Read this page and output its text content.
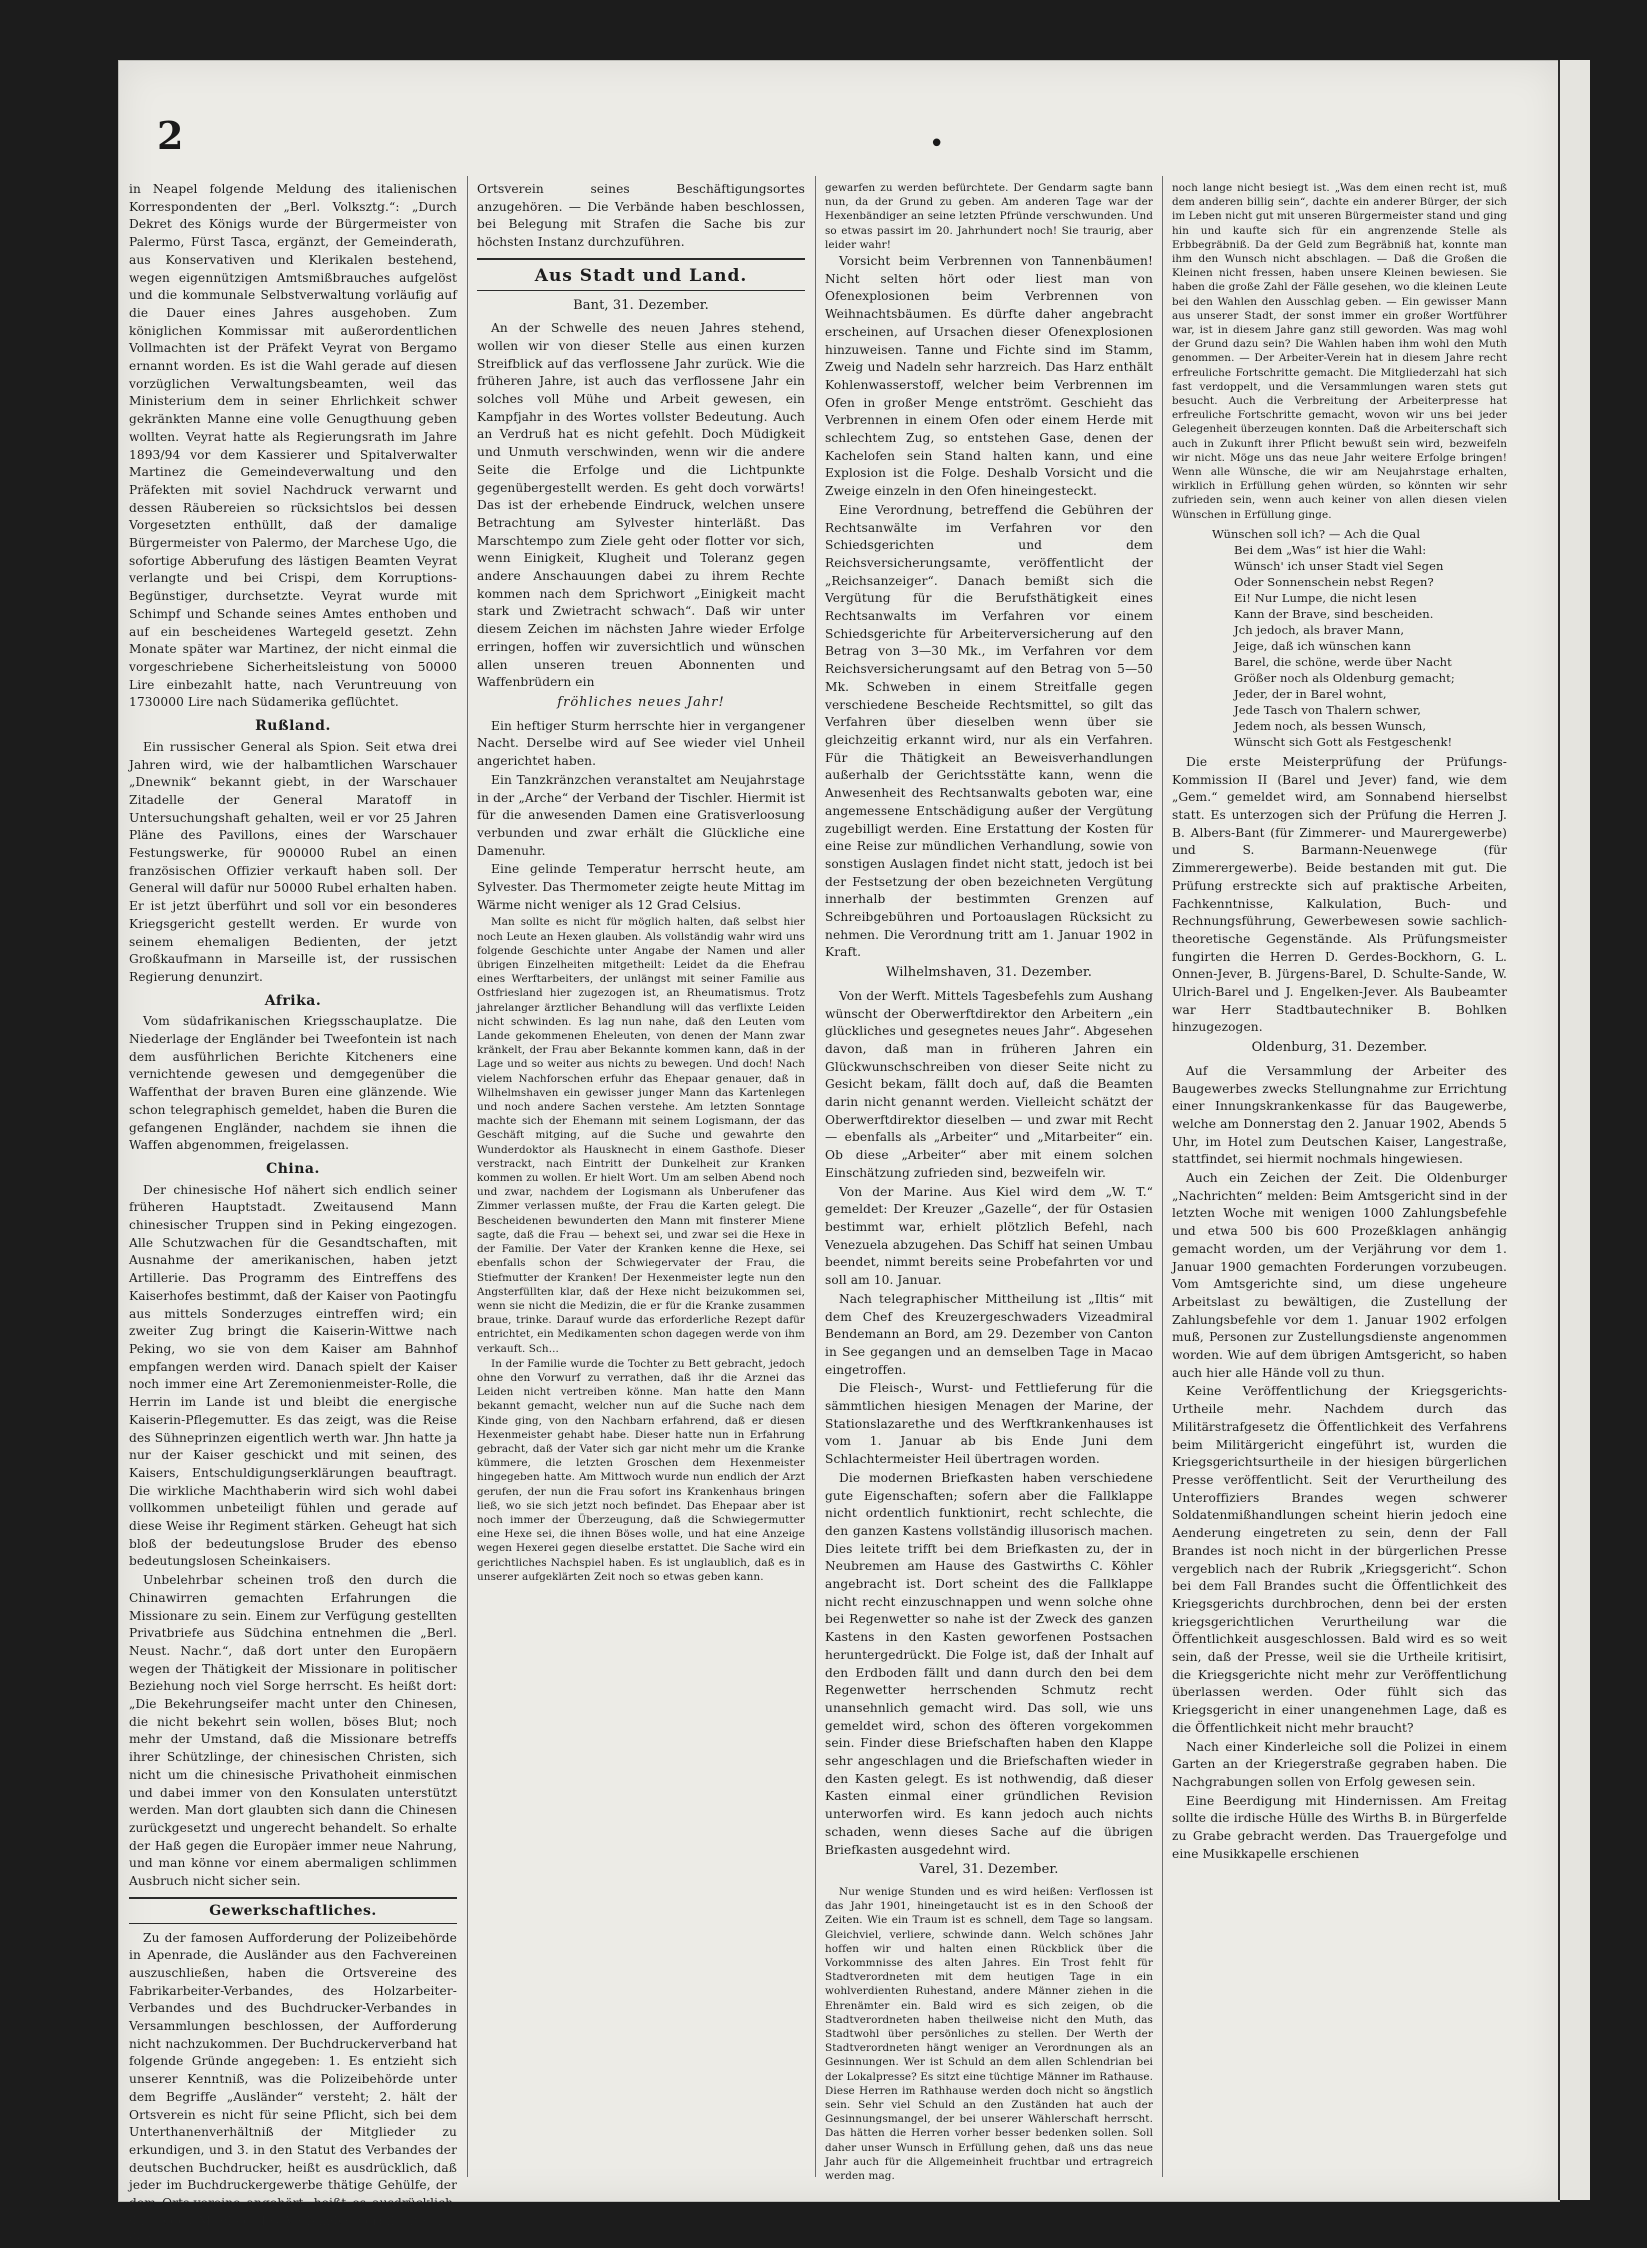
2	•

in Neapel folgende Meldung des italienischen Korrespondenten der „Berl. Volksztg.“: „Durch Dekret des Königs wurde der Bürgermeister von Palermo, Fürst Tasca, ergänzt, der Gemeinderath, aus Konservativen und Klerikalen bestehend, wegen eigennützigen Amtsmißbrauches aufgelöst und die kommunale Selbstverwaltung vorläufig auf die Dauer eines Jahres ausgehoben. Zum königlichen Kommissar mit außerordentlichen Vollmachten ist der Präfekt Veyrat von Bergamo ernannt worden. Es ist die Wahl gerade auf diesen vorzüglichen Verwaltungsbeamten, weil das Ministerium dem in seiner Ehrlichkeit schwer gekränkten Manne eine volle Genugthuung geben wollten. Veyrat hatte als Regierungsrath im Jahre 1893/94 vor dem Kassierer und Spitalverwalter Martinez die Gemeindeverwaltung und den Präfekten mit soviel Nachdruck verwarnt und dessen Räubereien so rücksichtslos bei dessen Vorgesetzten enthüllt, daß der damalige Bürgermeister von Palermo, der Marchese Ugo, die sofortige Abberufung des lästigen Beamten Veyrat verlangte und bei Crispi, dem Korruptions-Begünstiger, durchsetzte. Veyrat wurde mit Schimpf und Schande seines Amtes enthoben und auf ein bescheidenes Wartegeld gesetzt. Zehn Monate später war Martinez, der nicht einmal die vorgeschriebene Sicherheitsleistung von 50000 Lire einbezahlt hatte, nach Veruntreuung von 1730000 Lire nach Südamerika geflüchtet.

Rußland.

Ein russischer General als Spion. Seit etwa drei Jahren wird, wie der halbamtlichen Warschauer „Dnewnik“ bekannt giebt, in der Warschauer Zitadelle der General Maratoff in Untersuchungshaft gehalten, weil er vor 25 Jahren Pläne des Pavillons, eines der Warschauer Festungswerke, für 900000 Rubel an einen französischen Offizier verkauft haben soll. Der General will dafür nur 50000 Rubel erhalten haben. Er ist jetzt überführt und soll vor ein besonderes Kriegsgericht gestellt werden. Er wurde von seinem ehemaligen Bedienten, der jetzt Großkaufmann in Marseille ist, der russischen Regierung denunzirt.

Afrika.

Vom südafrikanischen Kriegsschauplatze. Die Niederlage der Engländer bei Tweefontein ist nach dem ausführlichen Berichte Kitcheners eine vernichtende gewesen und demgegenüber die Waffenthat der braven Buren eine glänzende. Wie schon telegraphisch gemeldet, haben die Buren die gefangenen Engländer, nachdem sie ihnen die Waffen abgenommen, freigelassen.

China.

Der chinesische Hof nähert sich endlich seiner früheren Hauptstadt. Zweitausend Mann chinesischer Truppen sind in Peking eingezogen. Alle Schutzwachen für die Gesandtschaften, mit Ausnahme der amerikanischen, haben jetzt Artillerie. Das Programm des Eintreffens des Kaiserhofes bestimmt, daß der Kaiser von Paotingfu aus mittels Sonderzuges eintreffen wird; ein zweiter Zug bringt die Kaiserin-Wittwe nach Peking, wo sie von dem Kaiser am Bahnhof empfangen werden wird. Danach spielt der Kaiser noch immer eine Art Zeremonienmeister-Rolle, die Herrin im Lande ist und bleibt die energische Kaiserin-Pflegemutter. Es das zeigt, was die Reise des Sühneprinzen eigentlich werth war. Jhn hatte ja nur der Kaiser geschickt und mit seinen, des Kaisers, Entschuldigungserklärungen beauftragt. Die wirkliche Machthaberin wird sich wohl dabei vollkommen unbeteiligt fühlen und gerade auf diese Weise ihr Regiment stärken. Geheugt hat sich bloß der bedeutungslose Bruder des ebenso bedeutungslosen Scheinkaisers.

Unbelehrbar scheinen troß den durch die Chinawirren gemachten Erfahrungen die Missionare zu sein. Einem zur Verfügung gestellten Privatbriefe aus Südchina entnehmen die „Berl. Neust. Nachr.“, daß dort unter den Europäern wegen der Thätigkeit der Missionare in politischer Beziehung noch viel Sorge herrscht. Es heißt dort: „Die Bekehrungseifer macht unter den Chinesen, die nicht bekehrt sein wollen, böses Blut; noch mehr der Umstand, daß die Missionare betreffs ihrer Schützlinge, der chinesischen Christen, sich nicht um die chinesische Privathoheit einmischen und dabei immer von den Konsulaten unterstützt werden. Man dort glaubten sich dann die Chinesen zurückgesetzt und ungerecht behandelt. So erhalte der Haß gegen die Europäer immer neue Nahrung, und man könne vor einem abermaligen schlimmen Ausbruch nicht sicher sein.

Gewerkschaftliches.

Zu der famosen Aufforderung der Polizeibehörde in Apenrade, die Ausländer aus den Fachvereinen auszuschließen, haben die Ortsvereine des Fabrikarbeiter-Verbandes, des Holzarbeiter-Verbandes und des Buchdrucker-Verbandes in Versammlungen beschlossen, der Aufforderung nicht nachzukommen. Der Buchdruckerverband hat folgende Gründe angegeben: 1. Es entzieht sich unserer Kenntniß, was die Polizeibehörde unter dem Begriffe „Ausländer“ versteht; 2. hält der Ortsverein es nicht für seine Pflicht, sich bei dem Unterthanenverhältniß der Mitglieder zu erkundigen, und 3. in den Statut des Verbandes der deutschen Buchdrucker, heißt es ausdrücklich, daß jeder im Buchdruckergewerbe thätige Gehülfe, der dem Orts-vereine angehört, heißt es ausdrücklich, daß jedes Mitglied des Verbandes verpflichtet ist, dem

Ortsverein seines Beschäftigungsortes anzugehören. — Die Verbände haben beschlossen, bei Belegung mit Strafen die Sache bis zur höchsten Instanz durchzuführen.

Aus Stadt und Land.
Bant, 31. Dezember.

An der Schwelle des neuen Jahres stehend, wollen wir von dieser Stelle aus einen kurzen Streifblick auf das verflossene Jahr zurück. Wie die früheren Jahre, ist auch das verflossene Jahr ein solches voll Mühe und Arbeit gewesen, ein Kampfjahr in des Wortes vollster Bedeutung. Auch an Verdruß hat es nicht gefehlt. Doch Müdigkeit und Unmuth verschwinden, wenn wir die andere Seite die Erfolge und die Lichtpunkte gegenübergestellt werden. Es geht doch vorwärts! Das ist der erhebende Eindruck, welchen unsere Betrachtung am Sylvester hinterläßt. Das Marschtempo zum Ziele geht oder flotter vor sich, wenn Einigkeit, Klugheit und Toleranz gegen andere Anschauungen dabei zu ihrem Rechte kommen nach dem Sprichwort „Einigkeit macht stark und Zwietracht schwach“. Daß wir unter diesem Zeichen im nächsten Jahre wieder Erfolge erringen, hoffen wir zuversichtlich und wünschen allen unseren treuen Abonnenten und Waffenbrüdern ein

fröhliches neues Jahr!

Ein heftiger Sturm herrschte hier in vergangener Nacht. Derselbe wird auf See wieder viel Unheil angerichtet haben.

Ein Tanzkränzchen veranstaltet am Neujahrstage in der „Arche“ der Verband der Tischler. Hiermit ist für die anwesenden Damen eine Gratisverloosung verbunden und zwar erhält die Glückliche eine Damenuhr.

Eine gelinde Temperatur herrscht heute, am Sylvester. Das Thermometer zeigte heute Mittag im Wärme nicht weniger als 12 Grad Celsius.

Man sollte es nicht für möglich halten, daß selbst hier noch Leute an Hexen glauben. Als vollständig wahr wird uns folgende Geschichte unter Angabe der Namen und aller übrigen Einzelheiten mitgetheilt: Leidet da die Ehefrau eines Werftarbeiters, der unlängst mit seiner Familie aus Ostfriesland hier zugezogen ist, an Rheumatismus. Trotz jahrelanger ärztlicher Behandlung will das verflixte Leiden nicht schwinden. Es lag nun nahe, daß den Leuten vom Lande gekommenen Eheleuten, von denen der Mann zwar kränkelt, der Frau aber Bekannte kommen kann, daß in der Lage und so weiter aus nichts zu bewegen. Und doch! Nach vielem Nachforschen erfuhr das Ehepaar genauer, daß in Wilhelmshaven ein gewisser junger Mann das Kartenlegen und noch andere Sachen verstehe. Am letzten Sonntage machte sich der Ehemann mit seinem Logismann, der das Geschäft mitging, auf die Suche und gewahrte den Wunderdoktor als Hausknecht in einem Gasthofe. Dieser verstrackt, nach Eintritt der Dunkelheit zur Kranken kommen zu wollen. Er hielt Wort. Um am selben Abend noch und zwar, nachdem der Logismann als Unberufener das Zimmer verlassen mußte, der Frau die Karten gelegt. Die Bescheidenen bewunderten den Mann mit finsterer Miene sagte, daß die Frau — behext sei, und zwar sei die Hexe in der Familie. Der Vater der Kranken kenne die Hexe, sei ebenfalls schon der Schwiegervater der Frau, die Stiefmutter der Kranken! Der Hexenmeister legte nun den Angsterfüllten klar, daß der Hexe nicht beizukommen sei, wenn sie nicht die Medizin, die er für die Kranke zusammen braue, trinke. Darauf wurde das erforderliche Rezept dafür entrichtet, ein Medikamenten schon dagegen werde von ihm verkauft. Sch...

In der Familie wurde die Tochter zu Bett gebracht, jedoch ohne den Vorwurf zu verrathen, daß ihr die Arznei das Leiden nicht vertreiben könne. Man hatte den Mann bekannt gemacht, welcher nun auf die Suche nach dem Kinde ging, von den Nachbarn erfahrend, daß er diesen Hexenmeister gehabt habe. Dieser hatte nun in Erfahrung gebracht, daß der Vater sich gar nicht mehr um die Kranke kümmere, die letzten Groschen dem Hexenmeister hingegeben hatte. Am Mittwoch wurde nun endlich der Arzt gerufen, der nun die Frau sofort ins Krankenhaus bringen ließ, wo sie sich jetzt noch befindet. Das Ehepaar aber ist noch immer der Überzeugung, daß die Schwiegermutter eine Hexe sei, die ihnen Böses wolle, und hat eine Anzeige wegen Hexerei gegen dieselbe erstattet. Die Sache wird ein gerichtliches Nachspiel haben. Es ist unglaublich, daß es in unserer aufgeklärten Zeit noch so etwas geben kann.

gewarfen zu werden befürchtete. Der Gendarm sagte bann nun, da der Grund zu geben. Am anderen Tage war der Hexenbändiger an seine letzten Pfründe verschwunden. Und so etwas passirt im 20. Jahrhundert noch! Sie traurig, aber leider wahr!

Vorsicht beim Verbrennen von Tannenbäumen! Nicht selten hört oder liest man von Ofenexplosionen beim Verbrennen von Weihnachtsbäumen. Es dürfte daher angebracht erscheinen, auf Ursachen dieser Ofenexplosionen hinzuweisen. Tanne und Fichte sind im Stamm, Zweig und Nadeln sehr harzreich. Das Harz enthält Kohlenwasserstoff, welcher beim Verbrennen im Ofen in großer Menge entströmt. Geschieht das Verbrennen in einem Ofen oder einem Herde mit schlechtem Zug, so entstehen Gase, denen der Kachelofen sein Stand halten kann, und eine Explosion ist die Folge. Deshalb Vorsicht und die Zweige einzeln in den Ofen hineingesteckt.

Eine Verordnung, betreffend die Gebühren der Rechtsanwälte im Verfahren vor den Schiedsgerichten und dem Reichsversicherungsamte, veröffentlicht der „Reichsanzeiger“. Danach bemißt sich die Vergütung für die Berufsthätigkeit eines Rechtsanwalts im Verfahren vor einem Schiedsgerichte für Arbeiterversicherung auf den Betrag von 3—30 Mk., im Verfahren vor dem Reichsversicherungsamt auf den Betrag von 5—50 Mk. Schweben in einem Streitfalle gegen verschiedene Bescheide Rechtsmittel, so gilt das Verfahren über dieselben wenn über sie gleichzeitig erkannt wird, nur als ein Verfahren. Für die Thätigkeit an Beweisverhandlungen außerhalb der Gerichtsstätte kann, wenn die Anwesenheit des Rechtsanwalts geboten war, eine angemessene Entschädigung außer der Vergütung zugebilligt werden. Eine Erstattung der Kosten für eine Reise zur mündlichen Verhandlung, sowie von sonstigen Auslagen findet nicht statt, jedoch ist bei der Festsetzung der oben bezeichneten Vergütung innerhalb der bestimmten Grenzen auf Schreibgebühren und Portoauslagen Rücksicht zu nehmen. Die Verordnung tritt am 1. Januar 1902 in Kraft.

Wilhelmshaven, 31. Dezember.

Von der Werft. Mittels Tagesbefehls zum Aushang wünscht der Oberwerftdirektor den Arbeitern „ein glückliches und gesegnetes neues Jahr“. Abgesehen davon, daß man in früheren Jahren ein Glückwunschschreiben von dieser Seite nicht zu Gesicht bekam, fällt doch auf, daß die Beamten darin nicht genannt werden. Vielleicht schätzt der Oberwerftdirektor dieselben — und zwar mit Recht — ebenfalls als „Arbeiter“ und „Mitarbeiter“ ein. Ob diese „Arbeiter“ aber mit einem solchen Einschätzung zufrieden sind, bezweifeln wir.

Von der Marine. Aus Kiel wird dem „W. T.“ gemeldet: Der Kreuzer „Gazelle“, der für Ostasien bestimmt war, erhielt plötzlich Befehl, nach Venezuela abzugehen. Das Schiff hat seinen Umbau beendet, nimmt bereits seine Probefahrten vor und soll am 10. Januar.

Nach telegraphischer Mittheilung ist „Iltis“ mit dem Chef des Kreuzergeschwaders Vizeadmiral Bendemann an Bord, am 29. Dezember von Canton in See gegangen und an demselben Tage in Macao eingetroffen.

Die Fleisch-, Wurst- und Fettlieferung für die sämmtlichen hiesigen Menagen der Marine, der Stationslazarethe und des Werftkrankenhauses ist vom 1. Januar ab bis Ende Juni dem Schlachtermeister Heil übertragen worden.

Die modernen Briefkasten haben verschiedene gute Eigenschaften; sofern aber die Fallklappe nicht ordentlich funktionirt, recht schlechte, die den ganzen Kastens vollständig illusorisch machen. Dies leitete trifft bei dem Briefkasten zu, der in Neubremen am Hause des Gastwirths C. Köhler angebracht ist. Dort scheint des die Fallklappe nicht recht einzuschnappen und wenn solche ohne bei Regenwetter so nahe ist der Zweck des ganzen Kastens in den Kasten geworfenen Postsachen heruntergedrückt. Die Folge ist, daß der Inhalt auf den Erdboden fällt und dann durch den bei dem Regenwetter herrschenden Schmutz recht unansehnlich gemacht wird. Das soll, wie uns gemeldet wird, schon des öfteren vorgekommen sein. Finder diese Briefschaften haben den Klappe sehr angeschlagen und die Briefschaften wieder in den Kasten gelegt. Es ist nothwendig, daß dieser Kasten einmal einer gründlichen Revision unterworfen wird. Es kann jedoch auch nichts schaden, wenn dieses Sache auf die übrigen Briefkasten ausgedehnt wird.

Varel, 31. Dezember.

Nur wenige Stunden und es wird heißen: Verflossen ist das Jahr 1901, hineingetaucht ist es in den Schooß der Zeiten. Wie ein Traum ist es schnell, dem Tage so langsam. Gleichviel, verliere, schwinde dann. Welch schönes Jahr hoffen wir und halten einen Rückblick über die Vorkommnisse des alten Jahres. Ein Trost fehlt für Stadtverordneten mit dem heutigen Tage in ein wohlverdienten Ruhestand, andere Männer ziehen in die Ehrenämter ein. Bald wird es sich zeigen, ob die Stadtverordneten haben theilweise nicht den Muth, das Stadtwohl über persönliches zu stellen. Der Werth der Stadtverordneten hängt weniger an Verordnungen als an Gesinnungen. Wer ist Schuld an dem allen Schlendrian bei der Lokalpresse? Es sitzt eine tüchtige Männer im Rathause. Diese Herren im Rathhause werden doch nicht so ängstlich sein. Sehr viel Schuld an den Zuständen hat auch der Gesinnungsmangel, der bei unserer Wählerschaft herrscht. Das hätten die Herren vorher besser bedenken sollen. Soll daher unser Wunsch in Erfüllung gehen, daß uns das neue Jahr auch für die Allgemeinheit fruchtbar und ertragreich werden mag.

noch lange nicht besiegt ist. „Was dem einen recht ist, muß dem anderen billig sein“, dachte ein anderer Bürger, der sich im Leben nicht gut mit unseren Bürgermeister stand und ging hin und kaufte sich für ein angrenzende Stelle als Erbbegräbniß. Da der Geld zum Begräbniß hat, konnte man ihm den Wunsch nicht abschlagen. — Daß die Großen die Kleinen nicht fressen, haben unsere Kleinen bewiesen. Sie haben die große Zahl der Fälle gesehen, wo die kleinen Leute bei den Wahlen den Ausschlag geben. — Ein gewisser Mann aus unserer Stadt, der sonst immer ein großer Wortführer war, ist in diesem Jahre ganz still geworden. Was mag wohl der Grund dazu sein? Die Wahlen haben ihm wohl den Muth genommen. — Der Arbeiter-Verein hat in diesem Jahre recht erfreuliche Fortschritte gemacht. Die Mitgliederzahl hat sich fast verdoppelt, und die Versammlungen waren stets gut besucht. Auch die Verbreitung der Arbeiterpresse hat erfreuliche Fortschritte gemacht, wovon wir uns bei jeder Gelegenheit überzeugen konnten. Daß die Arbeiterschaft sich auch in Zukunft ihrer Pflicht bewußt sein wird, bezweifeln wir nicht. Möge uns das neue Jahr weitere Erfolge bringen! Wenn alle Wünsche, die wir am Neujahrstage erhalten, wirklich in Erfüllung gehen würden, so könnten wir sehr zufrieden sein, wenn auch keiner von allen diesen vielen Wünschen in Erfüllung ginge.

Wünschen soll ich? — Ach die Qual
Bei dem „Was“ ist hier die Wahl:
Wünsch' ich unser Stadt viel Segen
Oder Sonnenschein nebst Regen?
Ei! Nur Lumpe, die nicht lesen
Kann der Brave, sind bescheiden.
Jch jedoch, als braver Mann,
Jeige, daß ich wünschen kann
Barel, die schöne, werde über Nacht
Größer noch als Oldenburg gemacht;
Jeder, der in Barel wohnt,
Jede Tasch von Thalern schwer,
Jedem noch, als bessen Wunsch,
Wünscht sich Gott als Festgeschenk!

Die erste Meisterprüfung der Prüfungs-Kommission II (Barel und Jever) fand, wie dem „Gem.“ gemeldet wird, am Sonnabend hierselbst statt. Es unterzogen sich der Prüfung die Herren J. B. Albers-Bant (für Zimmerer- und Maurergewerbe) und S. Barmann-Neuenwege (für Zimmerergewerbe). Beide bestanden mit gut. Die Prüfung erstreckte sich auf praktische Arbeiten, Fachkenntnisse, Kalkulation, Buch- und Rechnungsführung, Gewerbewesen sowie sachlich-theoretische Gegenstände. Als Prüfungsmeister fungirten die Herren D. Gerdes-Bockhorn, G. L. Onnen-Jever, B. Jürgens-Barel, D. Schulte-Sande, W. Ulrich-Barel und J. Engelken-Jever. Als Baubeamter war Herr Stadtbautechniker B. Bohlken hinzugezogen.

Oldenburg, 31. Dezember.

Auf die Versammlung der Arbeiter des Baugewerbes zwecks Stellungnahme zur Errichtung einer Innungskrankenkasse für das Baugewerbe, welche am Donnerstag den 2. Januar 1902, Abends 5 Uhr, im Hotel zum Deutschen Kaiser, Langestraße, stattfindet, sei hiermit nochmals hingewiesen.

Auch ein Zeichen der Zeit. Die Oldenburger „Nachrichten“ melden: Beim Amtsgericht sind in der letzten Woche mit wenigen 1000 Zahlungsbefehle und etwa 500 bis 600 Prozeßklagen anhängig gemacht worden, um der Verjährung vor dem 1. Januar 1900 gemachten Forderungen vorzubeugen. Vom Amtsgerichte sind, um diese ungeheure Arbeitslast zu bewältigen, die Zustellung der Zahlungsbefehle vor dem 1. Januar 1902 erfolgen muß, Personen zur Zustellungsdienste angenommen worden. Wie auf dem übrigen Amtsgericht, so haben auch hier alle Hände voll zu thun.

Keine Veröffentlichung der Kriegsgerichts-Urtheile mehr. Nachdem durch das Militärstrafgesetz die Öffentlichkeit des Verfahrens beim Militärgericht eingeführt ist, wurden die Kriegsgerichtsurtheile in der hiesigen bürgerlichen Presse veröffentlicht. Seit der Verurtheilung des Unteroffiziers Brandes wegen schwerer Soldatenmißhandlungen scheint hierin jedoch eine Aenderung eingetreten zu sein, denn der Fall Brandes ist noch nicht in der bürgerlichen Presse vergeblich nach der Rubrik „Kriegsgericht“. Schon bei dem Fall Brandes sucht die Öffentlichkeit des Kriegsgerichts durchbrochen, denn bei der ersten kriegsgerichtlichen Verurtheilung war die Öffentlichkeit ausgeschlossen. Bald wird es so weit sein, daß der Presse, weil sie die Urtheile kritisirt, die Kriegsgerichte nicht mehr zur Veröffentlichung überlassen werden. Oder fühlt sich das Kriegsgericht in einer unangenehmen Lage, daß es die Öffentlichkeit nicht mehr braucht?

Nach einer Kinderleiche soll die Polizei in einem Garten an der Kriegerstraße gegraben haben. Die Nachgrabungen sollen von Erfolg gewesen sein.

Eine Beerdigung mit Hindernissen. Am Freitag sollte die irdische Hülle des Wirths B. in Bürgerfelde zu Grabe gebracht werden. Das Trauergefolge und eine Musikkapelle erschienen
